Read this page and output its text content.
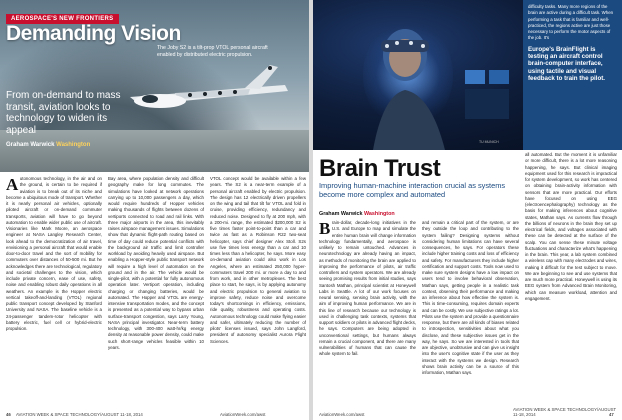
AEROSPACE'S NEW FRONTIERS
Demanding Vision
The Joby S2 is a tilt-prop VTOL personal aircraft enabled by distributed electric propulsion.
From on-demand to mass transit, aviation looks to technology to widen its appeal
Graham Warwick Washington
A utonomous technology, in the air and on the ground, is certain to be required if aviation is to break out of its niche and become a ubiquitous mode of transport. Whether it is nearly personal air vehicles, optionally piloted aircraft or on-demand commuter transports, aviation will have to go beyond automation to enable wider public use of aircraft. Visionaries like Mark Moore, an aerospace engineer at NASA Langley Research Center, look ahead to the democratization of air travel, envisioning a personal aircraft that would enable door-to-door travel and the sort of mobility for commuters over distances of 50-500 mi. But he acknowledges there are technological, regulatory and societal challenges to the vision, which include private concern, ease of use, safety, noise and enabling robust daily operations in all weathers. An example is the Hopper electric vertical takeoff-and-landing (VTOL) regional public transport concept developed by Stanford University and NASA. The baseline vehicle is a 24-passenger tandem-rotor helicopter with battery electric, fuel cell or hybrid-electric propulsion.
Bay area, where population density and difficult geography make for long commutes. The simulations have looked at network operations carrying up to 10,000 passengers a day, which would require hundreds of Hopper vehicles making thousands of flights between dozens of vertiports connected to road and rail links. With three major airports in the area, this inevitably raises airspace management issues. Simulations show that dynamic flight-path routing based on time of day could reduce potential conflicts with the background air traffic and limit controller workload by avoiding heavily used airspace. But enabling a Hopper-style public transport network will require a high level of automation on the ground and in the air. The vehicle would be single-pilot, with a potential for fully autonomous operation later. Vertiport operation, including charging or changing batteries, would be automated. The Hopper and VTOL are energy-intensive transportation modes, and the concept is presented as a potential way to bypass urban surface-transport congestion, says Larry Young, NASA principal investigator. Near-term battery technology, with 300-400 watt-hr/kg energy density at reasonable power density, could make such short-range vehicles feasible within 10 years.
VTOL concept would be available within a few years. The S2 is a near-term example of a personal aircraft enabled by electric propulsion. The design has 12 electrically driven propellers on the wing and tail that tilt for VTOL and fold in cruise, providing efficiency, redundancy and reduced noise. Designed to fly at 200 mph, with a 200-mi. range, the estimated $200,000 S2 is five times faster point-to-point than a car and twice as fast as a Robinson R22 two-seat helicopter, says chief designer Alex Stoll. S2s use five times less energy than a car and 10 times less than a helicopter, he says. More easy on-demand aviation could also work in Los Angeles, where an estimated 250,000 hyper-commuters travel 200 mi. or more a day to and from work, and in other metroplexes. The best place to start, he says, is by applying autonomy and electric propulsion to general aviation to improve safety, reduce noise and overcome today's shortcomings in efficiency, emissions, ride quality, robustness and operating costs. Autonomous technology could make flying easier and safer, ultimately reducing the number of pilots' licenses issued, says John Langford, president of autonomy specialist Aurora Flight Sciences.
46 AVIATION WEEK & SPACE TECHNOLOGY/AUGUST 11-18, 2014	AviationWeek.com/awst
TU MUNICH

difficulty tasks. Many more regions of the brain are active during a difficult task. When performing a task that is familiar and well-practiced, the regions active are just those necessary to perform the motor aspects of the job. It's

Europe's BrainFlight is testing an aircraft control brain-computer interface, using tactile and visual feedback to train the pilot.

Brain Trust
Improving human-machine interaction crucial as systems become more complex and automated
Graham Warwick Washington
B rain-dollar, decade-long initiatives in the U.S. and Europe to map and simulate the entire human brain will change information technology fundamentally, and aerospace is unlikely to remain untouched. Advances in neurotechnology are already having an impact, as methods of monitoring the brain are applied to improving the performance of pilots, air traffic controllers and system operators. We are already seeing promising results from initial studies, says Santosh Mathan, principal scientist at Honeywell Labs in Seattle. A lot of our work focuses on neural sensing, sensing brain activity, with the aim of improving human performance. We are in this line of research because our technology is used in challenging task contexts, systems that support soldiers or pilots in advanced flight decks, he says. Computers are being adopted in unconventional settings, but humans always remain a crucial component, and there are many vulnerabilities of humans that can cause the whole system to fail.
and remain a critical part of the system, or are they outside the loop and contributing to the system failing? Designing systems without considering human limitations can have several consequences, he says. For operators these include higher training costs and loss of efficiency and safety. For manufacturers they include higher certification and support costs. Tools now used to make sure system designs have a low impact on users tend to involve behavioral observation, Mathan says, getting people in a realistic task context, observing their performance and making an inference about how effective the system is. This is time-consuming, requires domain experts and can be costly. We use subjective ratings a lot. Pilots use the system and provide a questionnaire response, but there are all kinds of biases related to introspection, sensitivities about what you disclose, and these subjective issues get in the way, he says. So we are interested in tools that are objective, unobtrusive and can give us insight into the user's cognitive state if the user as they interact with the systems we design. Research shows brain activity can be a source of this information, Mathan says.
all automated. But the moment it is unfamiliar or more difficult, there is a lot more reasoning happening, he says. But clinical imaging equipment used for this research is impractical for system development, so work has centered on obtaining brain-activity information with sensors that are more practical. Our efforts have focused on using EEG (electroencephalography) technology as the basis for making inferences about cognitive states, Mathan says. As currents flow through the billions of neurons in the brain they set up electrical fields, and voltages associated with these can be detected at the surface of the scalp. You can sense these minute voltage fluctuations and characterize what's happening in the brain. This year, a lab system combined a wireless cap with many electrodes and wires, making it difficult for the test subject to move. We are beginning to see and use systems that are much more practical. Honeywell is using its EEG system from Advanced Brain Monitoring, which can measure workload, attention and engagement.
AviationWeek.com/awst
AVIATION WEEK & SPACE TECHNOLOGY/AUGUST 11-18, 2014	47
